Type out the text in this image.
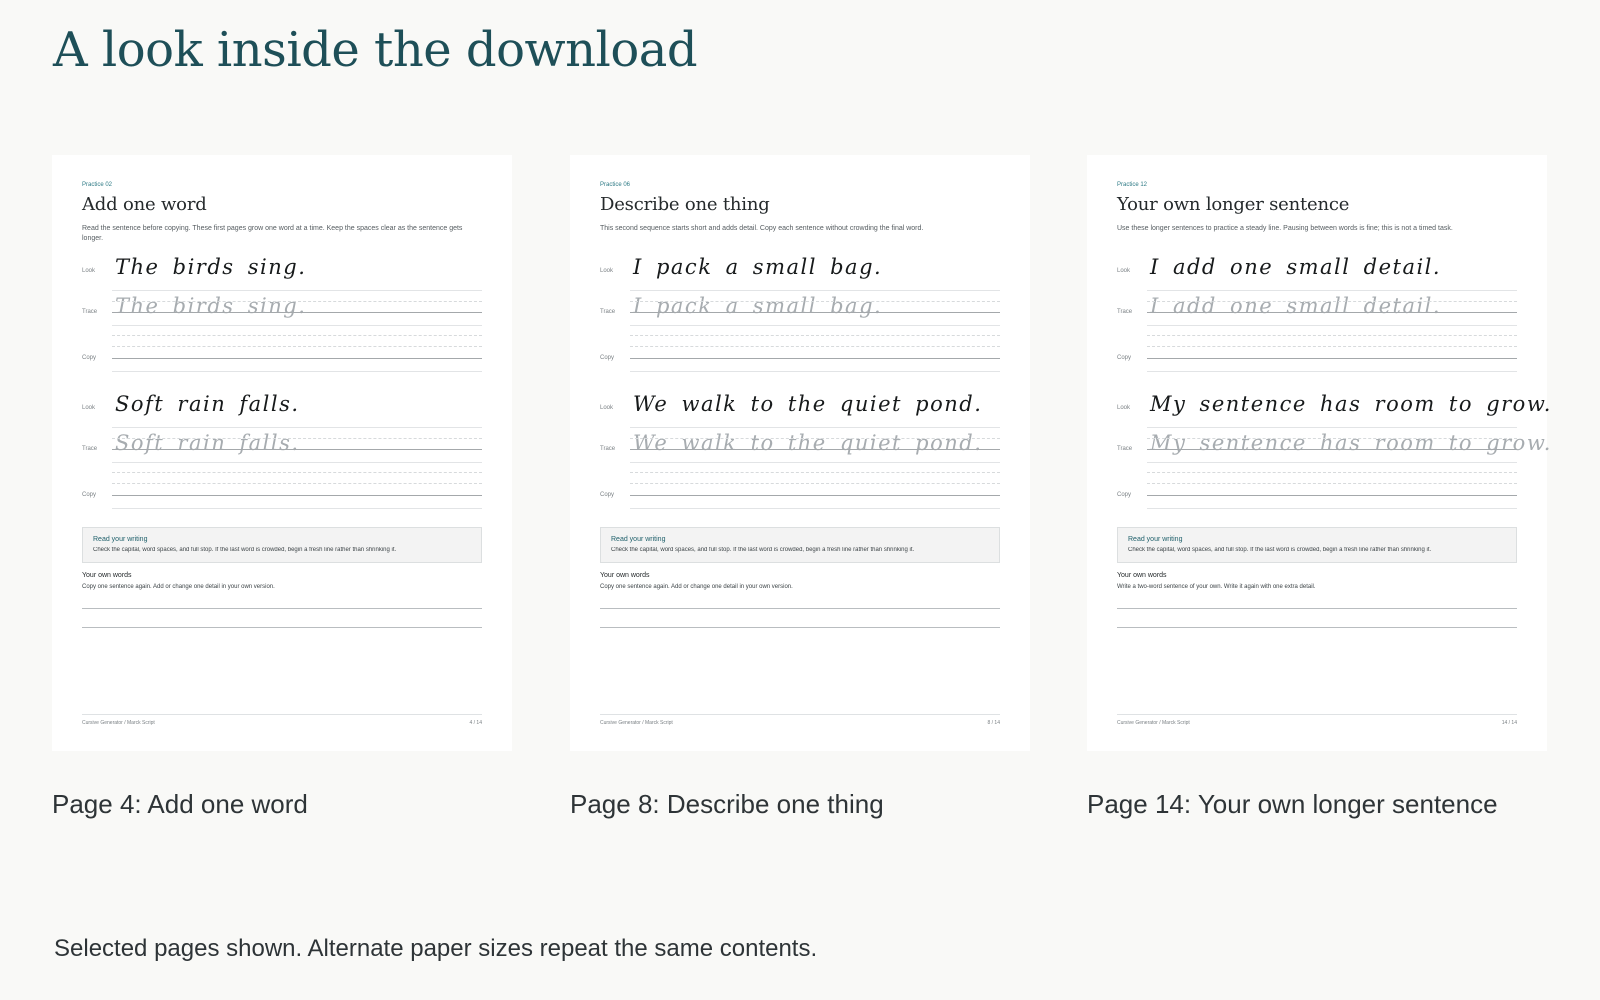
A look inside the download
Practice 02
Add one word
Read the sentence before copying. These first pages grow one word at a time. Keep the spaces clear as the sentence gets longer.
Look The birds sing.
Trace The birds sing.
Copy
Look Soft rain falls.
Trace Soft rain falls.
Copy
Read your writing
Check the capital, word spaces, and full stop. If the last word is crowded, begin a fresh line rather than shrinking it.
Your own words
Copy one sentence again. Add or change one detail in your own version.
Cursive Generator / Marck Script	4 / 14
Page 4: Add one word
Practice 06
Describe one thing
This second sequence starts short and adds detail. Copy each sentence without crowding the final word.
Look I pack a small bag.
Trace I pack a small bag.
Copy
Look We walk to the quiet pond.
Trace We walk to the quiet pond.
Copy
Read your writing
Check the capital, word spaces, and full stop. If the last word is crowded, begin a fresh line rather than shrinking it.
Your own words
Copy one sentence again. Add or change one detail in your own version.
Cursive Generator / Marck Script	8 / 14
Page 8: Describe one thing
Practice 12
Your own longer sentence
Use these longer sentences to practice a steady line. Pausing between words is fine; this is not a timed task.
Look I add one small detail.
Trace I add one small detail.
Copy
Look My sentence has room to grow.
Trace My sentence has room to grow.
Copy
Read your writing
Check the capital, word spaces, and full stop. If the last word is crowded, begin a fresh line rather than shrinking it.
Your own words
Write a two-word sentence of your own. Write it again with one extra detail.
Cursive Generator / Marck Script	14 / 14
Page 14: Your own longer sentence
Selected pages shown. Alternate paper sizes repeat the same contents.
